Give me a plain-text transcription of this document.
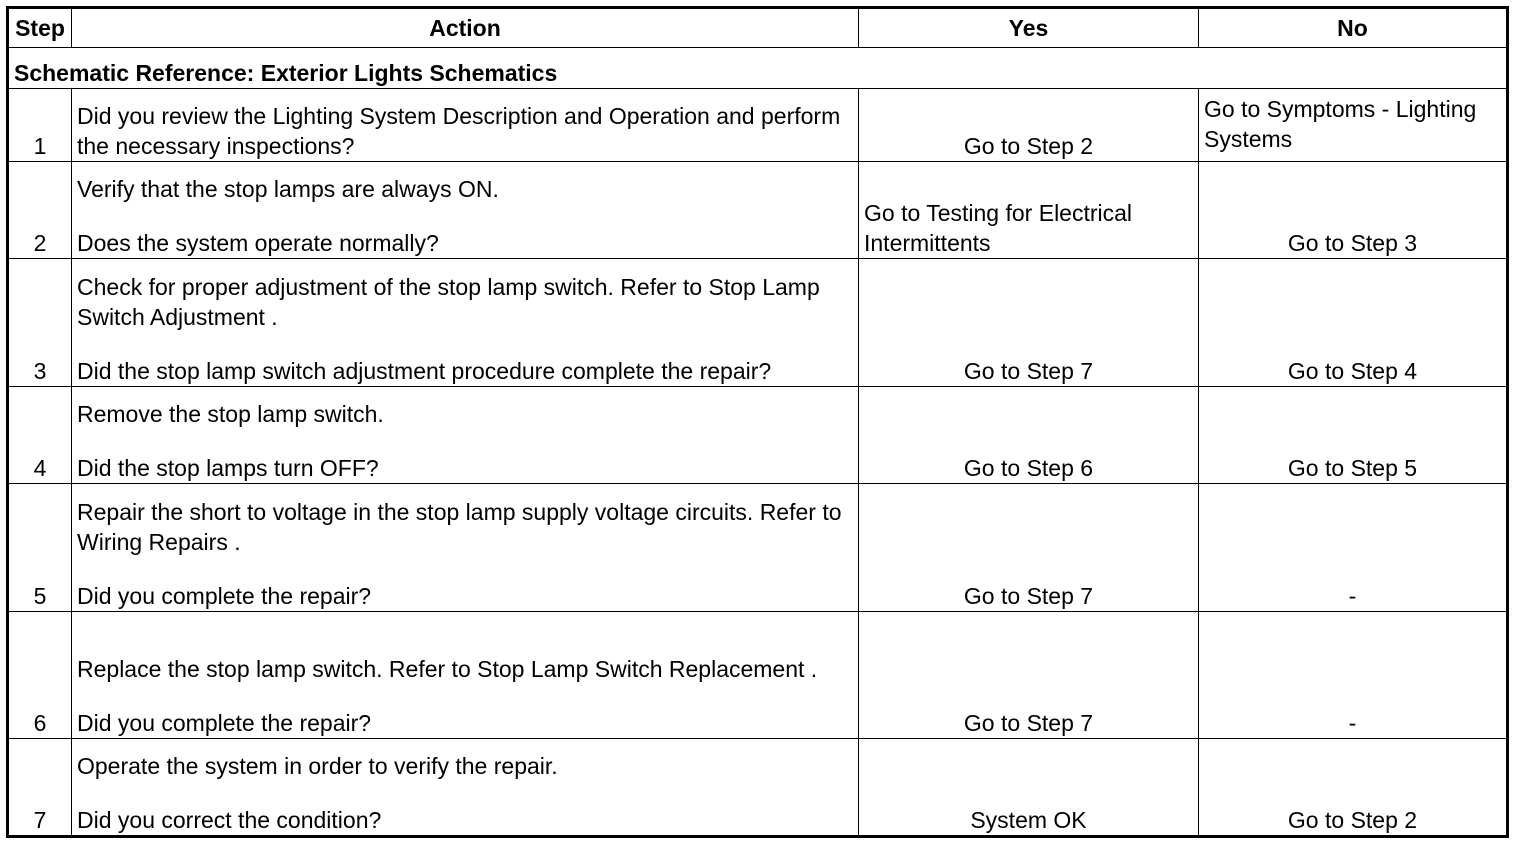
Step	Action	Yes	No
Schematic Reference: Exterior Lights Schematics			
1	Did you review the Lighting System Description and Operation and perform the necessary inspections?	Go to Step 2	Go to Symptoms - Lighting Systems
2	Verify that the stop lamps are always ON.
Does the system operate normally?	Go to Testing for Electrical Intermittents	Go to Step 3
3	Check for proper adjustment of the stop lamp switch. Refer to Stop Lamp Switch Adjustment .
Did the stop lamp switch adjustment procedure complete the repair?	Go to Step 7	Go to Step 4
4	Remove the stop lamp switch.
Did the stop lamps turn OFF?	Go to Step 6	Go to Step 5
5	Repair the short to voltage in the stop lamp supply voltage circuits. Refer to Wiring Repairs .
Did you complete the repair?	Go to Step 7	-
6	Replace the stop lamp switch. Refer to Stop Lamp Switch Replacement .
Did you complete the repair?	Go to Step 7	-
7	Operate the system in order to verify the repair.
Did you correct the condition?	System OK	Go to Step 2
